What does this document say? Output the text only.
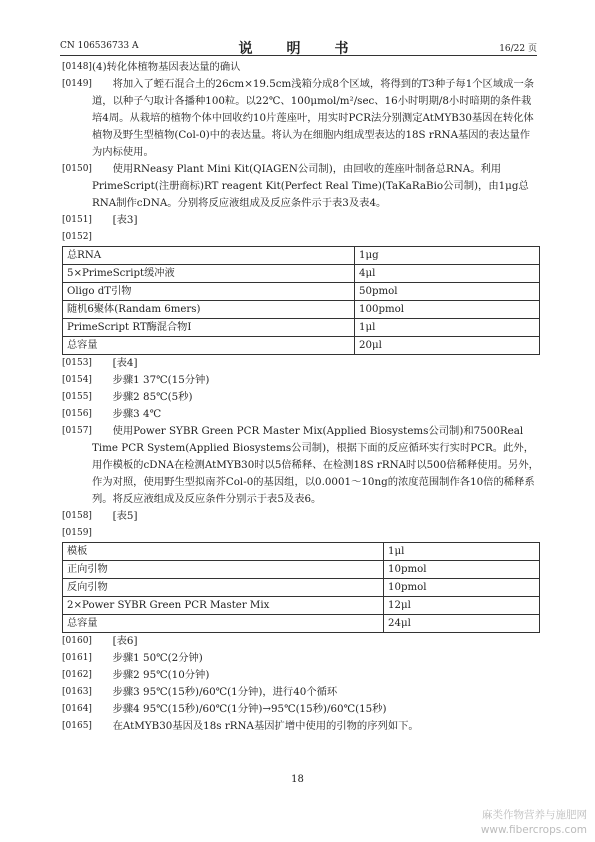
CN 106536733 A	说　明　书	16/22 页
[0148] (4)转化体植物基因表达量的确认
[0149]	将加入了蛭石混合土的26cm×19.5cm浅箱分成8个区域，将得到的T3种子每1个区域成一条道，以种子勺取计各播种100粒。以22℃、100μmol/m²/sec、16小时明期/8小时暗期的条件栽培4周。从栽培的植物个体中回收约10片莲座叶，用实时PCR法分别测定AtMYB30基因在转化体植物及野生型植物(Col-0)中的表达量。将认为在细胞内组成型表达的18S rRNA基因的表达量作为内标使用。
[0150]	使用RNeasy Plant Mini Kit(QIAGEN公司制)，由回收的莲座叶制备总RNA。利用PrimeScript(注册商标)RT reagent Kit(Perfect Real Time)(TaKaRaBio公司制)，由1μg总RNA制作cDNA。分别将反应液组成及反应条件示于表3及表4。
[0151]	[表3]
[0152]
总RNA	1μg
5×PrimeScript缓冲液	4μl
Oligo dT引物	50pmol
随机6聚体(Randam 6mers)	100pmol
PrimeScript RT酶混合物I	1μl
总容量	20μl
[0153]	[表4]
[0154]	步骤1 37℃(15分钟)
[0155]	步骤2 85℃(5秒)
[0156]	步骤3 4℃
[0157]	使用Power SYBR Green PCR Master Mix(Applied Biosystems公司制)和7500Real Time PCR System(Applied Biosystems公司制)，根据下面的反应循环实行实时PCR。此外，用作模板的cDNA在检测AtMYB30时以5倍稀释、在检测18S rRNA时以500倍稀释使用。另外，作为对照，使用野生型拟南芥Col-0的基因组，以0.0001～10ng的浓度范围制作各10倍的稀释系列。将反应液组成及反应条件分别示于表5及表6。
[0158]	[表5]
[0159]
模板	1μl
正向引物	10pmol
反向引物	10pmol
2×Power SYBR Green PCR Master Mix	12μl
总容量	24μl
[0160]	[表6]
[0161]	步骤1 50℃(2分钟)
[0162]	步骤2 95℃(10分钟)
[0163]	步骤3 95℃(15秒)/60℃(1分钟)，进行40个循环
[0164]	步骤4 95℃(15秒)/60℃(1分钟)→95℃(15秒)/60℃(15秒)
[0165]	在AtMYB30基因及18s rRNA基因扩增中使用的引物的序列如下。
18
麻类作物营养与施肥网
www.fibercrops.com
